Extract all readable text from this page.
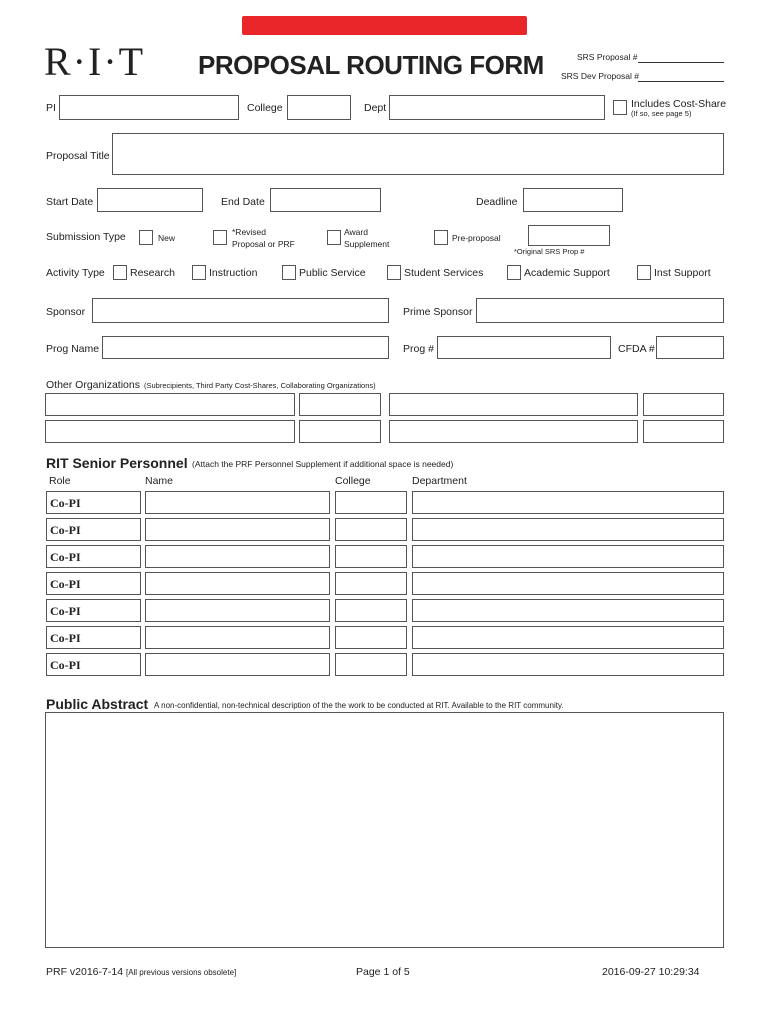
R·I·T PROPOSAL ROUTING FORM	SRS Proposal #
SRS Dev Proposal #
PI	College	Dept	Includes Cost-Share
(If so, see page 5)
Proposal Title
Start Date	End Date	Deadline
Submission Type	New
*Revised
Proposal or PRF
Award
Supplement
Pre-proposal
*Original SRS Prop #
Activity Type Research	Instruction	Public Service	Student Services	Academic Support	Inst Support
Sponsor	Prime Sponsor
Prog Name	Prog #	CFDA #
Other Organizations (Subrecipients, Third Party Cost-Shares, Collaborating Organizations)
RIT Senior Personnel (Attach the PRF Personnel Supplement if additional space is needed)
Role	Name	College	Department
Co-PI
Co-PI
Co-PI
Co-PI
Co-PI
Co-PI
Co-PI
Public Abstract A non-confidential, non-technical description of the the work to be conducted at RIT. Available to the RIT community.
PRF v2016-7-14 [All previous versions obsolete]	Page 1 of 5	2016-09-27 10:29:34
